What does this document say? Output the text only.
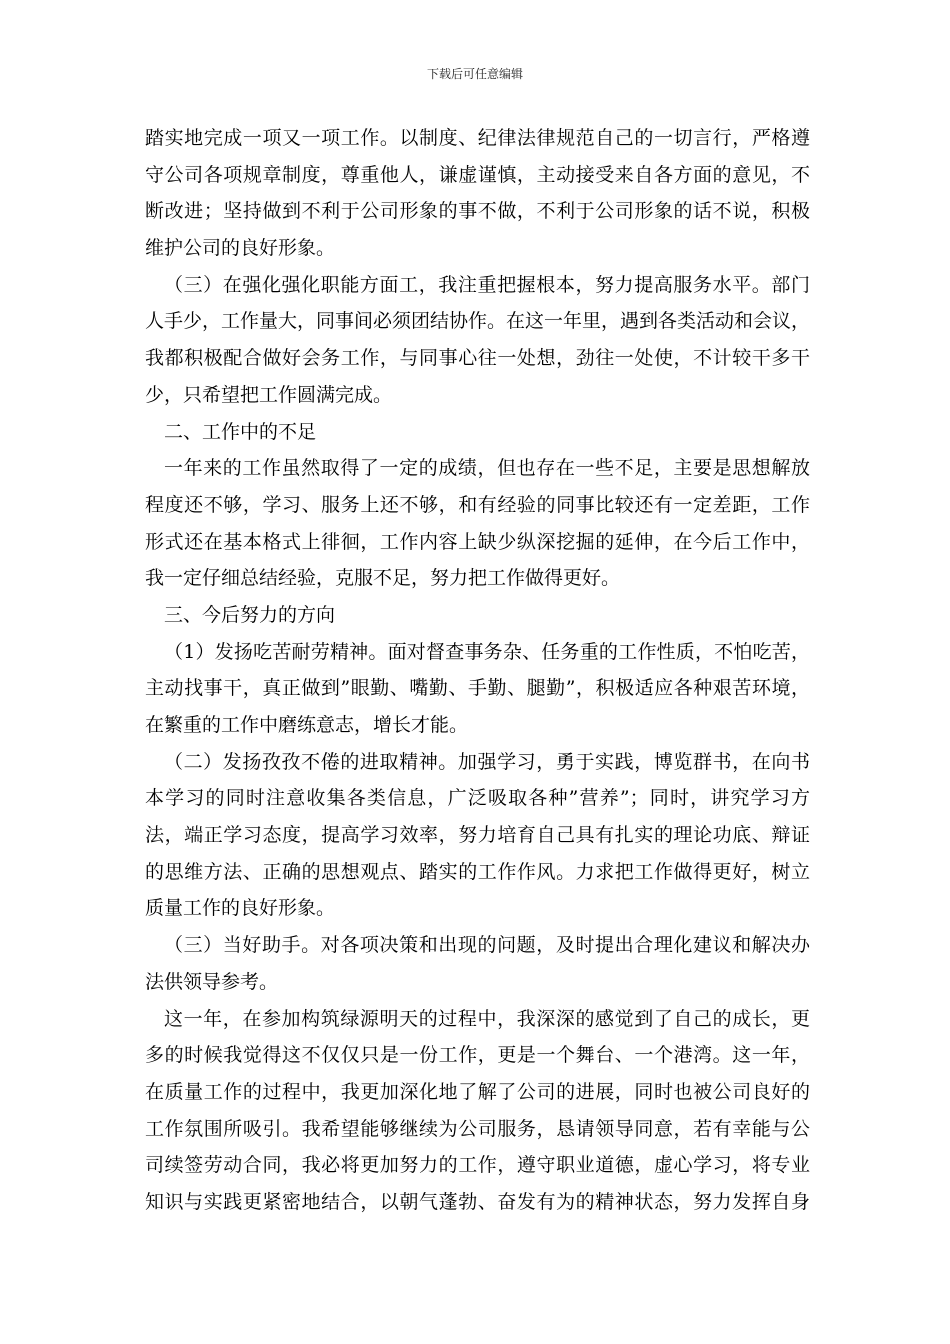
下载后可任意编辑
踏实地完成一项又一项工作。以制度、纪律法律规范自己的一切言行，严格遵
守公司各项规章制度，尊重他人，谦虚谨慎，主动接受来自各方面的意见，不
断改进；坚持做到不利于公司形象的事不做，不利于公司形象的话不说，积极
维护公司的良好形象。
（三）在强化强化职能方面工，我注重把握根本，努力提高服务水平。部门
人手少，工作量大，同事间必须团结协作。在这一年里，遇到各类活动和会议，
我都积极配合做好会务工作，与同事心往一处想，劲往一处使，不计较干多干
少，只希望把工作圆满完成。
二、工作中的不足
一年来的工作虽然取得了一定的成绩，但也存在一些不足，主要是思想解放
程度还不够，学习、服务上还不够，和有经验的同事比较还有一定差距，工作
形式还在基本格式上徘徊，工作内容上缺少纵深挖掘的延伸，在今后工作中，
我一定仔细总结经验，克服不足，努力把工作做得更好。
三、今后努力的方向
（1）发扬吃苦耐劳精神。面对督查事务杂、任务重的工作性质，不怕吃苦，
主动找事干，真正做到”眼勤、嘴勤、手勤、腿勤”，积极适应各种艰苦环境，
在繁重的工作中磨练意志，增长才能。
（二）发扬孜孜不倦的进取精神。加强学习，勇于实践，博览群书，在向书
本学习的同时注意收集各类信息，广泛吸取各种”营养”；同时，讲究学习方
法，端正学习态度，提高学习效率，努力培育自己具有扎实的理论功底、辩证
的思维方法、正确的思想观点、踏实的工作作风。力求把工作做得更好，树立
质量工作的良好形象。
（三）当好助手。对各项决策和出现的问题，及时提出合理化建议和解决办
法供领导参考。
这一年，在参加构筑绿源明天的过程中，我深深的感觉到了自己的成长，更
多的时候我觉得这不仅仅只是一份工作，更是一个舞台、一个港湾。这一年，
在质量工作的过程中，我更加深化地了解了公司的进展，同时也被公司良好的
工作氛围所吸引。我希望能够继续为公司服务，恳请领导同意，若有幸能与公
司续签劳动合同，我必将更加努力的工作，遵守职业道德，虚心学习，将专业
知识与实践更紧密地结合，以朝气蓬勃、奋发有为的精神状态，努力发挥自身
